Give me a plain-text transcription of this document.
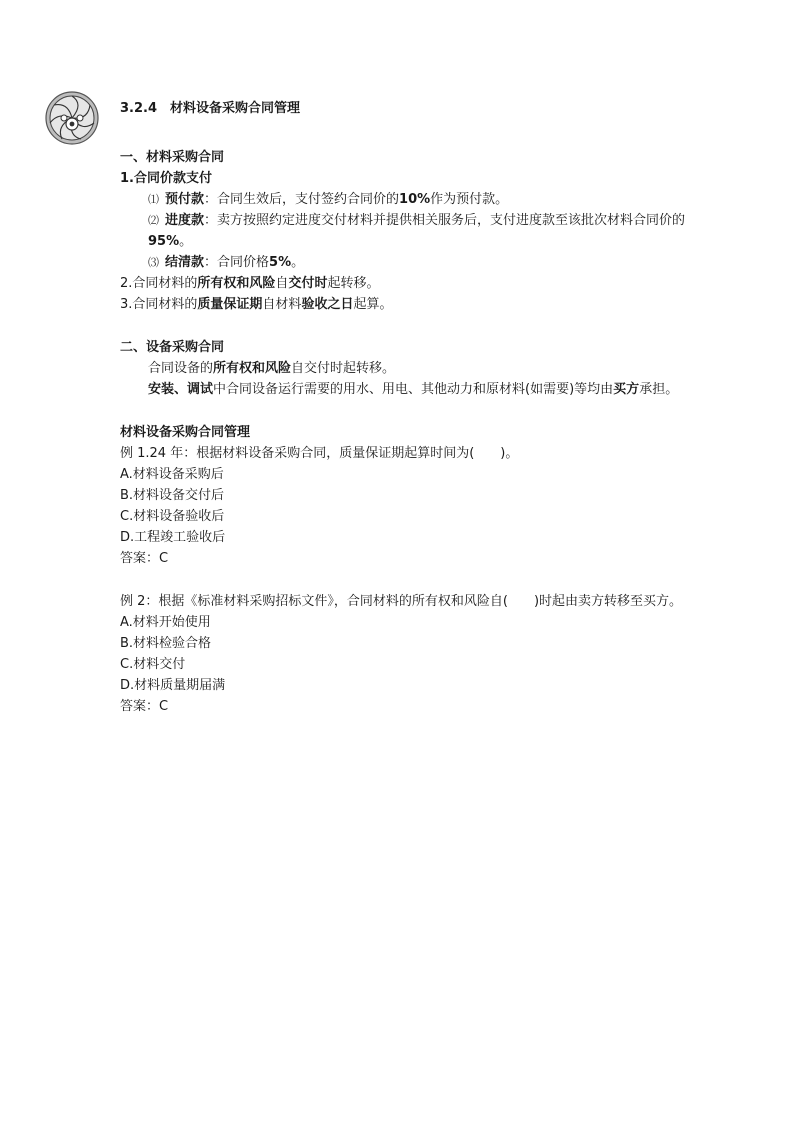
3.2.4　材料设备采购合同管理
一、材料采购合同
1.合同价款支付
⑴ 预付款：合同生效后，支付签约合同价的10%作为预付款。
⑵ 进度款：卖方按照约定进度交付材料并提供相关服务后，支付进度款至该批次材料合同价的95%。
⑶ 结清款：合同价格5%。
2.合同材料的所有权和风险自交付时起转移。
3.合同材料的质量保证期自材料验收之日起算。
二、设备采购合同
合同设备的所有权和风险自交付时起转移。
安装、调试中合同设备运行需要的用水、用电、其他动力和原材料(如需要)等均由买方承担。
材料设备采购合同管理
例 1.24 年：根据材料设备采购合同，质量保证期起算时间为(　　)。
A.材料设备采购后
B.材料设备交付后
C.材料设备验收后
D.工程竣工验收后
答案：C
例 2：根据《标准材料采购招标文件》，合同材料的所有权和风险自(　　)时起由卖方转移至买方。
A.材料开始使用
B.材料检验合格
C.材料交付
D.材料质量期届满
答案：C
